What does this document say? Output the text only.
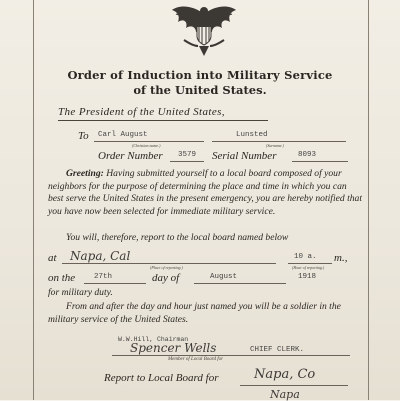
Order of Induction into Military Service
of the United States.
The President of the United States,
To Carl August
(Christian name.)
Lunsted
(Surname.)
Order Number 3579 Serial Number	8093
Greeting: Having submitted yourself to a local board composed of your neighbors for the purpose of determining the place and time in which you can best serve the United States in the present emergency, you are hereby notified that you have now been selected for immediate military service.
You will, therefore, report to the local board named below
at Napa, Cal
(Place of reporting.)
10 a. m.,
(Hour of reporting.)
on the	27th	day of	August	1918
for military duty.
From and after the day and hour just named you will be a soldier in the military service of the United States.
W.W.Hill, Chairman
Spencer Wells	CHIEF CLERK.
Member of Local Board for
Report to Local Board for	Napa, Co
Napa
